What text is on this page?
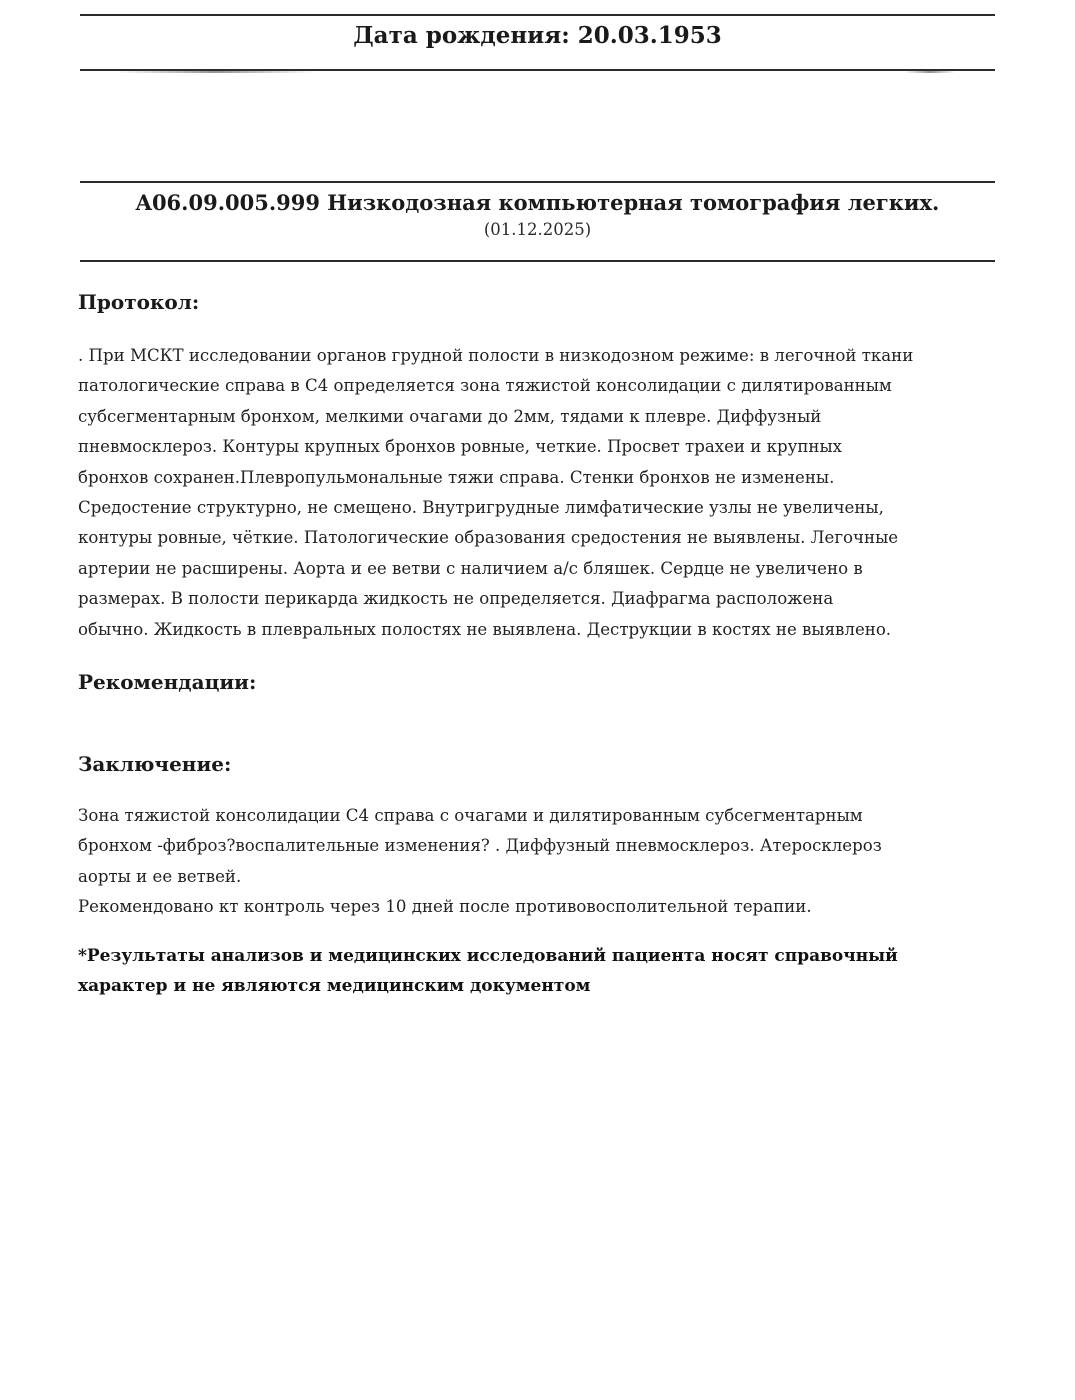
Дата рождения: 20.03.1953
A06.09.005.999 Низкодозная компьютерная томография легких.
(01.12.2025)
Протокол:

. При МСКТ исследовании органов грудной полости в низкодозном режиме: в легочной ткани
патологические справа в С4 определяется зона тяжистой консолидации с дилятированным
субсегментарным бронхом, мелкими очагами до 2мм, тядами к плевре. Диффузный
пневмосклероз. Контуры крупных бронхов ровные, четкие. Просвет трахеи и крупных
бронхов сохранен.Плевропульмональные тяжи справа. Стенки бронхов не изменены.
Средостение структурно, не смещено. Внутригрудные лимфатические узлы не увеличены,
контуры ровные, чёткие. Патологические образования средостения не выявлены. Легочные
артерии не расширены. Аорта и ее ветви с наличием а/с бляшек. Сердце не увеличено в
размерах. В полости перикарда жидкость не определяется. Диафрагма расположена
обычно. Жидкость в плевральных полостях не выявлена. Деструкции в костях не выявлено.

Рекомендации:

Заключение:

Зона тяжистой консолидации С4 справа с очагами и дилятированным субсегментарным
бронхом -фиброз?воспалительные изменения? . Диффузный пневмосклероз. Атеросклероз
аорты и ее ветвей.
Рекомендовано кт контроль через 10 дней после противовосполительной терапии.

*Результаты анализов и медицинских исследований пациента носят справочный
характер и не являются медицинским документом
